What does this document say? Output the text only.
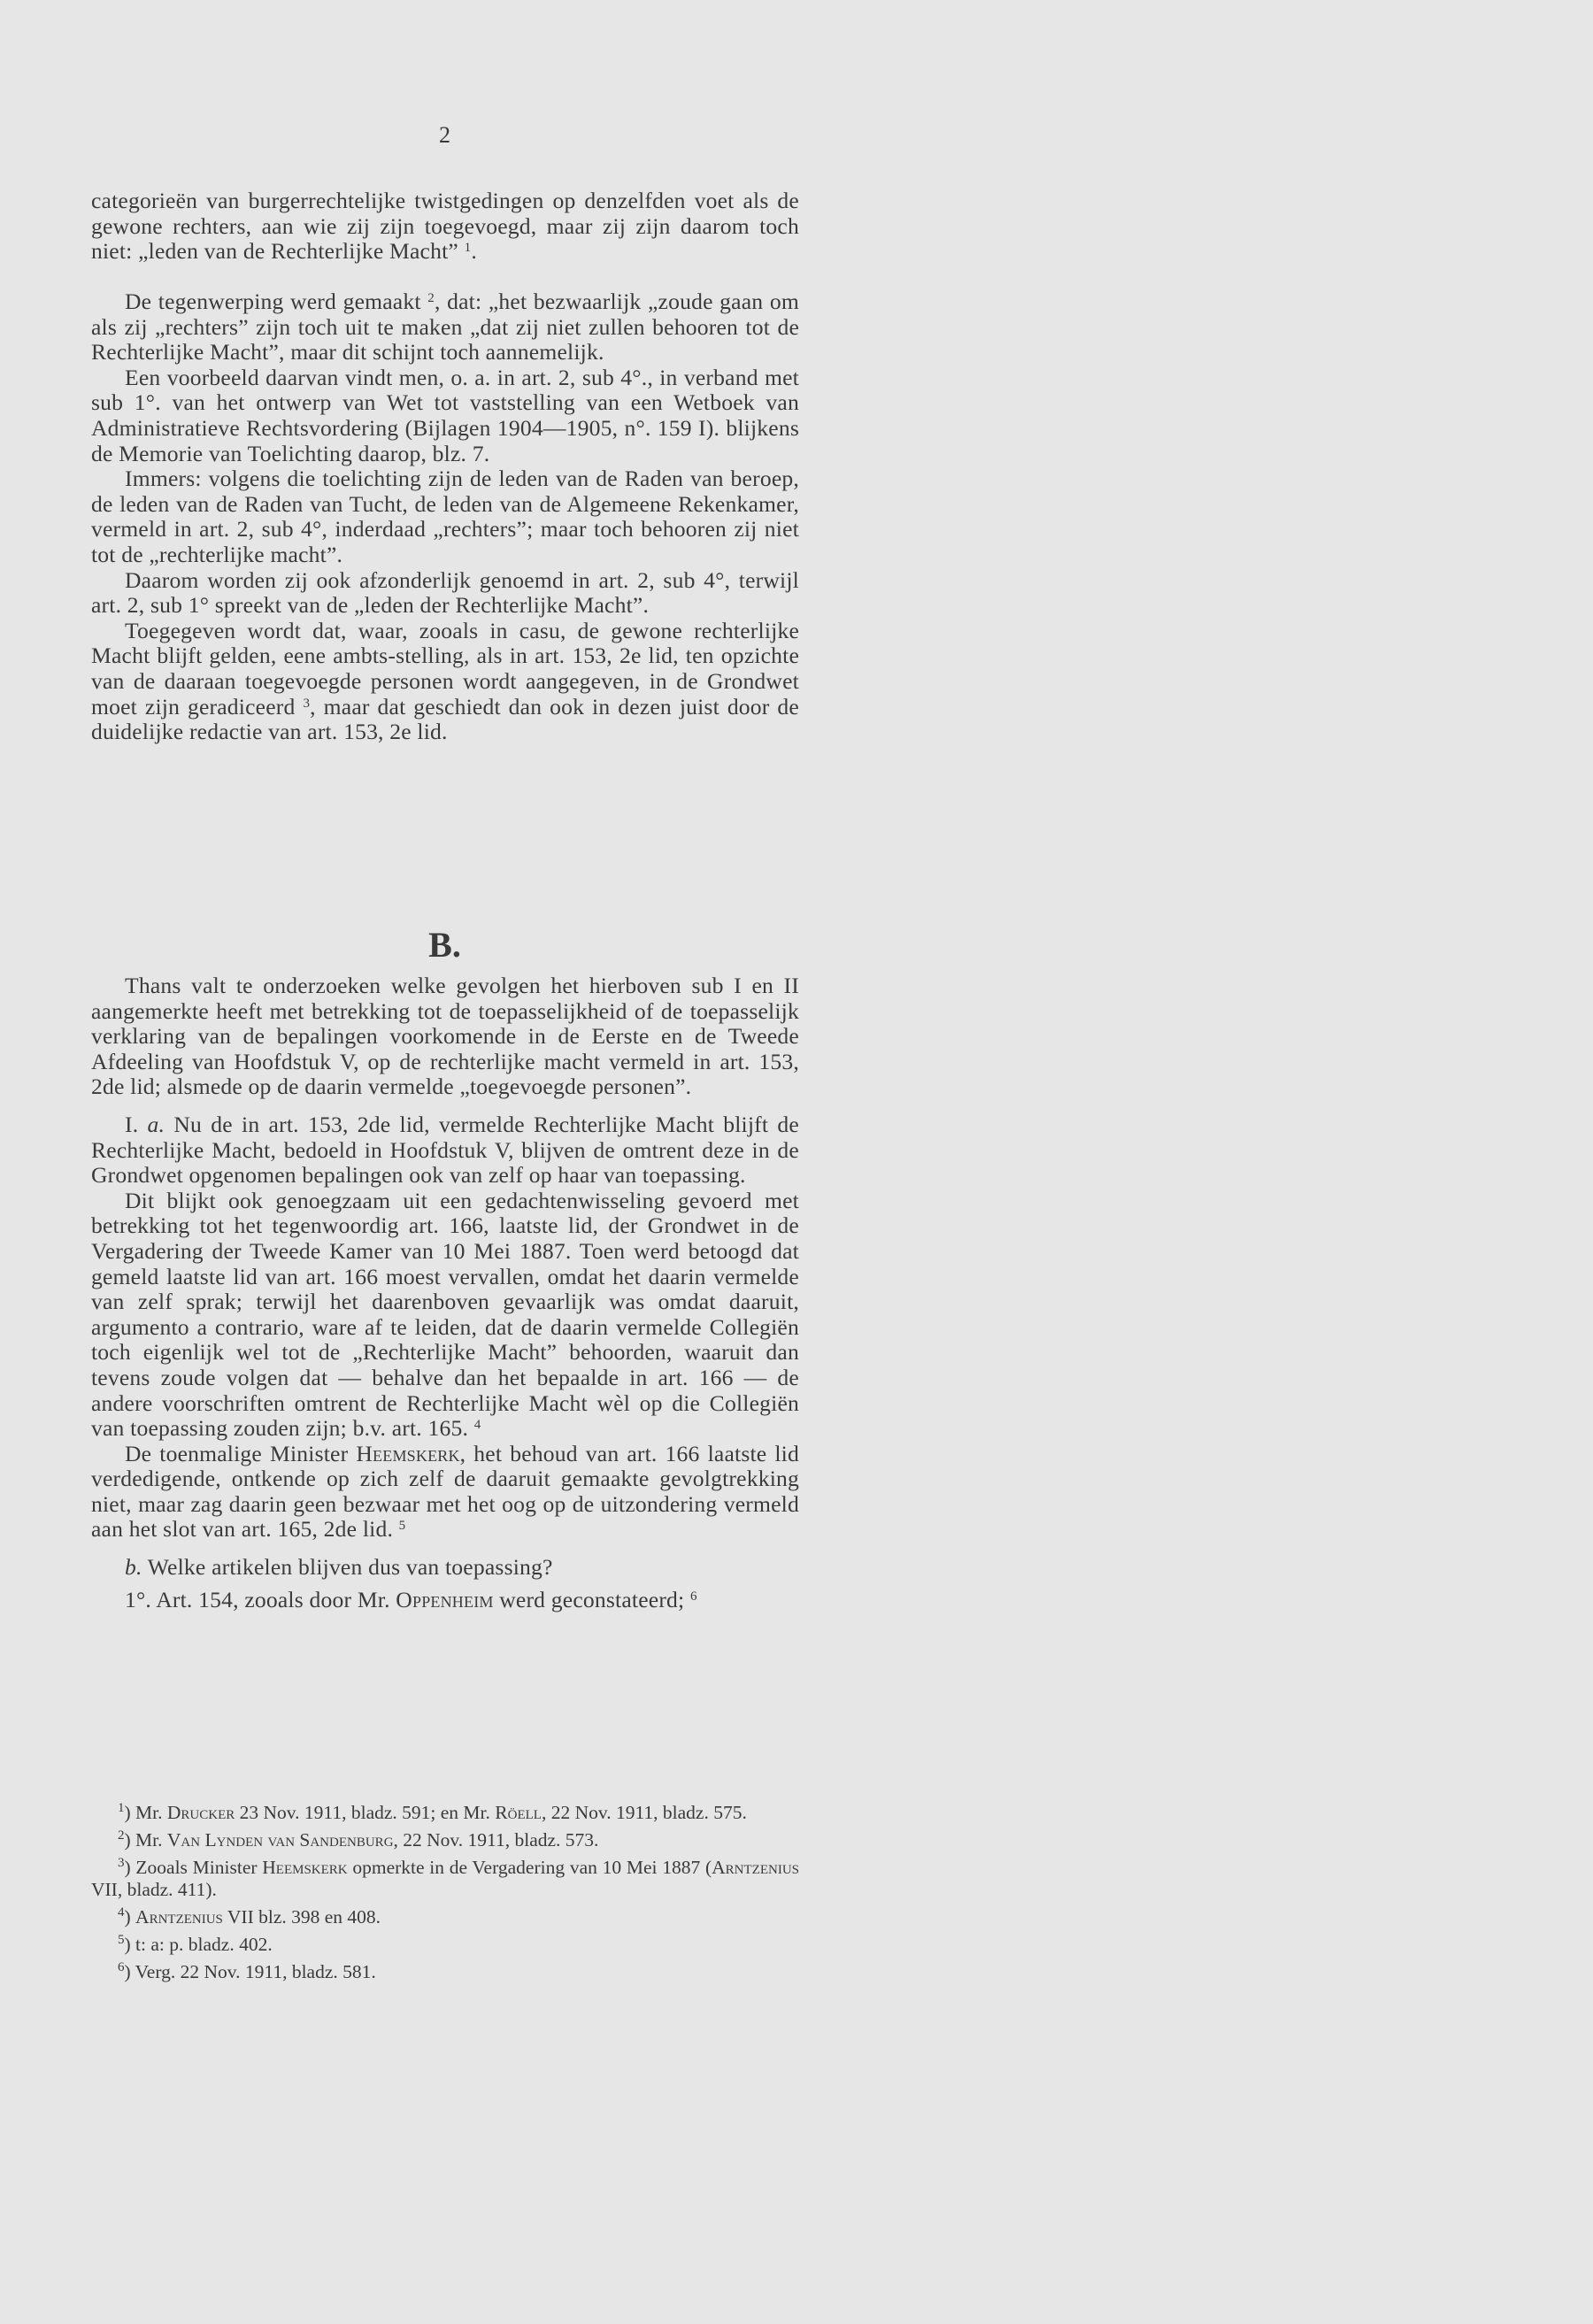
2

categorieën van burgerrechtelijke twistgedingen op denzelfden voet als de gewone rechters, aan wie zij zijn toegevoegd, maar zij zijn daarom toch niet: „leden van de Rechterlijke Macht” $^1$.

De tegenwerping werd gemaakt $^2$, dat: „het bezwaarlijk „zoude gaan om als zij „rechters” zijn toch uit te maken „dat zij niet zullen behooren tot de Rechterlijke Macht”, maar dit schijnt toch aannemelijk.

Een voorbeeld daarvan vindt men, o. a. in art. 2, sub 4°., in verband met sub 1°. van het ontwerp van Wet tot vaststelling van een Wetboek van Administratieve Rechtsvordering (Bijlagen 1904—1905, n°. 159 I). blijkens de Memorie van Toelichting daarop, blz. 7.

Immers: volgens die toelichting zijn de leden van de Raden van beroep, de leden van de Raden van Tucht, de leden van de Algemeene Rekenkamer, vermeld in art. 2, sub 4°, inderdaad „rechters”; maar toch behooren zij niet tot de „rechterlijke macht”.

Daarom worden zij ook afzonderlijk genoemd in art. 2, sub 4°, terwijl art. 2, sub 1° spreekt van de „leden der Rechterlijke Macht”.

Toegegeven wordt dat, waar, zooals in casu, de gewone rechterlijke Macht blijft gelden, eene ambts-stelling, als in art. 153, 2e lid, ten opzichte van de daaraan toegevoegde personen wordt aangegeven, in de Grondwet moet zijn geradiceerd $^3$, maar dat geschiedt dan ook in dezen juist door de duidelijke redactie van art. 153, 2e lid.

B.

Thans valt te onderzoeken welke gevolgen het hierboven sub I en II aangemerkte heeft met betrekking tot de toepasselijkheid of de toepasselijk verklaring van de bepalingen voorkomende in de Eerste en de Tweede Afdeeling van Hoofdstuk V, op de rechterlijke macht vermeld in art. 153, 2de lid; alsmede op de daarin vermelde „toegevoegde personen”.

I. a. Nu de in art. 153, 2de lid, vermelde Rechterlijke Macht blijft de Rechterlijke Macht, bedoeld in Hoofdstuk V, blijven de omtrent deze in de Grondwet opgenomen bepalingen ook van zelf op haar van toepassing.

Dit blijkt ook genoegzaam uit een gedachtenwisseling gevoerd met betrekking tot het tegenwoordig art. 166, laatste lid, der Grondwet in de Vergadering der Tweede Kamer van 10 Mei 1887. Toen werd betoogd dat gemeld laatste lid van art. 166 moest vervallen, omdat het daarin vermelde van zelf sprak; terwijl het daarenboven gevaarlijk was omdat daaruit, argumento a contrario, ware af te leiden, dat de daarin vermelde Collegiën toch eigenlijk wel tot de „Rechterlijke Macht” behoorden, waaruit dan tevens zoude volgen dat — behalve dan het bepaalde in art. 166 — de andere voorschriften omtrent de Rechterlijke Macht wèl op die Collegiën van toepassing zouden zijn; b.v. art. 165. $^4$

De toenmalige Minister Heemskerk, het behoud van art. 166 laatste lid verdedigende, ontkende op zich zelf de daaruit gemaakte gevolgtrekking niet, maar zag daarin geen bezwaar met het oog op de uitzondering vermeld aan het slot van art. 165, 2de lid. $^5$

b. Welke artikelen blijven dus van toepassing?

1°. Art. 154, zooals door Mr. Oppenheim werd geconstateerd; $^6$

$^1$) Mr. Drucker 23 Nov. 1911, bladz. 591; en Mr. Röell, 22 Nov. 1911, bladz. 575.

$^2$) Mr. Van Lynden van Sandenburg, 22 Nov. 1911, bladz. 573.

$^3$) Zooals Minister Heemskerk opmerkte in de Vergadering van 10 Mei 1887 (Arntzenius VII, bladz. 411).

$^4$) Arntzenius VII blz. 398 en 408.

$^5$) t: a: p. bladz. 402.

$^6$) Verg. 22 Nov. 1911, bladz. 581.
